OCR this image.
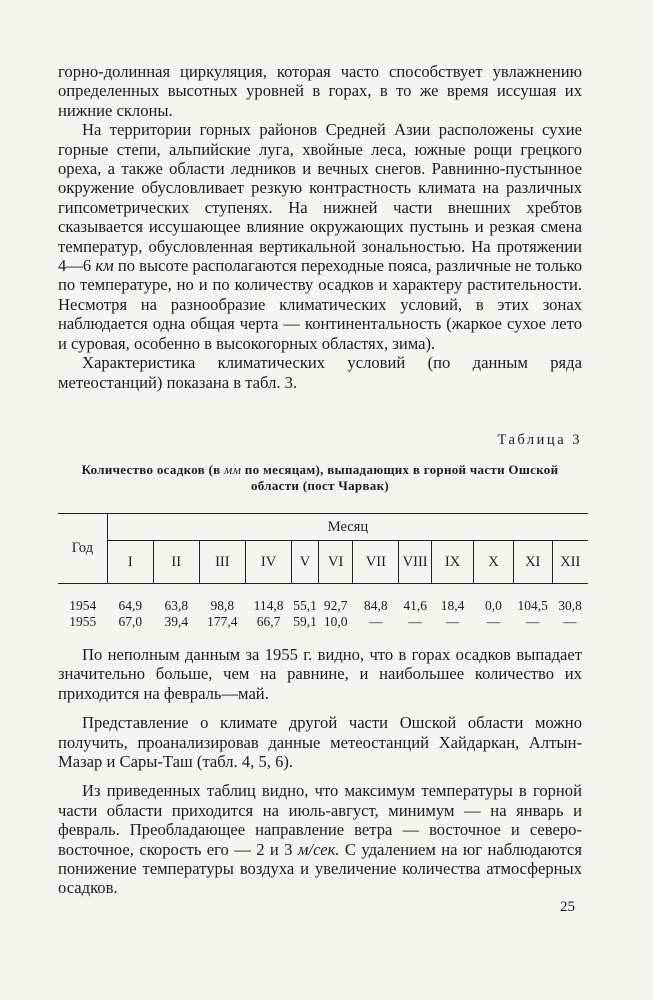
горно-долинная циркуляция, которая часто способствует увлажнению определенных высотных уровней в горах, в то же время иссушая их нижние склоны.

На территории горных районов Средней Азии расположены сухие горные степи, альпийские луга, хвойные леса, южные рощи грецкого ореха, а также области ледников и вечных снегов. Равнинно-пустынное окружение обусловливает резкую контрастность климата на различных гипсометрических ступенях. На нижней части внешних хребтов сказывается иссушающее влияние окружающих пустынь и резкая смена температур, обусловленная вертикальной зональностью. На протяжении 4—6 км по высоте располагаются переходные пояса, различные не только по температуре, но и по количеству осадков и характеру растительности. Несмотря на разнообразие климатических условий, в этих зонах наблюдается одна общая черта — континентальность (жаркое сухое лето и суровая, особенно в высокогорных областях, зима).

Характеристика климатических условий (по данным ряда метеостанций) показана в табл. 3.

Таблица 3
Количество осадков (в мм по месяцам), выпадающих в горной части Ошской области (пост Чарвак)
Год	Месяц											
	I	II	III	IV	V	VI	VII	VIII	IX	X	XI	XII
1954	64,9	63,8	98,8	114,8	55,1	92,7	84,8	41,6	18,4	0,0	104,5	30,8
1955	67,0	39,4	177,4	66,7	59,1	10,0	—	—	—	—	—	—

По неполным данным за 1955 г. видно, что в горах осадков выпадает значительно больше, чем на равнине, и наибольшее количество их приходится на февраль—май.

Представление о климате другой части Ошской области можно получить, проанализировав данные метеостанций Хайдаркан, Алтын-Мазар и Сары-Таш (табл. 4, 5, 6).

Из приведенных таблиц видно, что максимум температуры в горной части области приходится на июль-август, минимум — на январь и февраль. Преобладающее направление ветра — восточное и северо-восточное, скорость его — 2 и 3 м/сек. С удалением на юг наблюдаются понижение температуры воздуха и увеличение количества атмосферных осадков.

25
